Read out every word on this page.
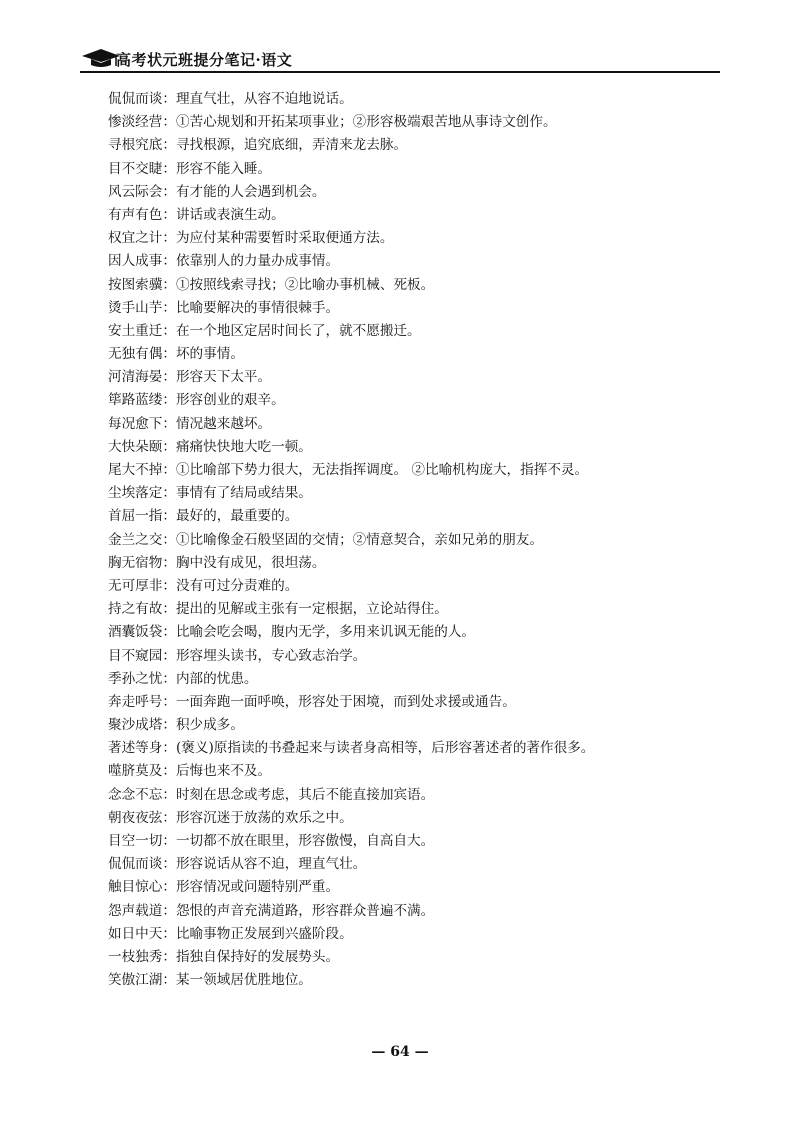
高考状元班提分笔记·语文
侃侃而谈：理直气壮，从容不迫地说话。
惨淡经营：①苦心规划和开拓某项事业；②形容极端艰苦地从事诗文创作。
寻根究底：寻找根源，追究底细，弄清来龙去脉。
目不交睫：形容不能入睡。
风云际会：有才能的人会遇到机会。
有声有色：讲话或表演生动。
权宜之计：为应付某种需要暂时采取便通方法。
因人成事：依靠别人的力量办成事情。
按图索骥：①按照线索寻找；②比喻办事机械、死板。
烫手山芋：比喻要解决的事情很棘手。
安土重迁：在一个地区定居时间长了，就不愿搬迁。
无独有偶：坏的事情。
河清海晏：形容天下太平。
筚路蓝缕：形容创业的艰辛。
每况愈下：情况越来越坏。
大快朵颐：痛痛快快地大吃一顿。
尾大不掉：①比喻部下势力很大，无法指挥调度。 ②比喻机构庞大，指挥不灵。
尘埃落定：事情有了结局或结果。
首屈一指：最好的，最重要的。
金兰之交：①比喻像金石般坚固的交情；②情意契合，亲如兄弟的朋友。
胸无宿物：胸中没有成见，很坦荡。
无可厚非：没有可过分责难的。
持之有故：提出的见解或主张有一定根据，立论站得住。
酒囊饭袋：比喻会吃会喝，腹内无学，多用来讥讽无能的人。
目不窥园：形容埋头读书，专心致志治学。
季孙之忧：内部的忧患。
奔走呼号：一面奔跑一面呼唤，形容处于困境，而到处求援或通告。
聚沙成塔：积少成多。
著述等身：(褒义)原指读的书叠起来与读者身高相等，后形容著述者的著作很多。
噬脐莫及：后悔也来不及。
念念不忘：时刻在思念或考虑，其后不能直接加宾语。
朝夜夜弦：形容沉迷于放荡的欢乐之中。
目空一切：一切都不放在眼里，形容傲慢，自高自大。
侃侃而谈：形容说话从容不迫，理直气壮。
触目惊心：形容情况或问题特别严重。
怨声载道：怨恨的声音充满道路，形容群众普遍不满。
如日中天：比喻事物正发展到兴盛阶段。
一枝独秀：指独自保持好的发展势头。
笑傲江湖：某一领域居优胜地位。
— 64 —
